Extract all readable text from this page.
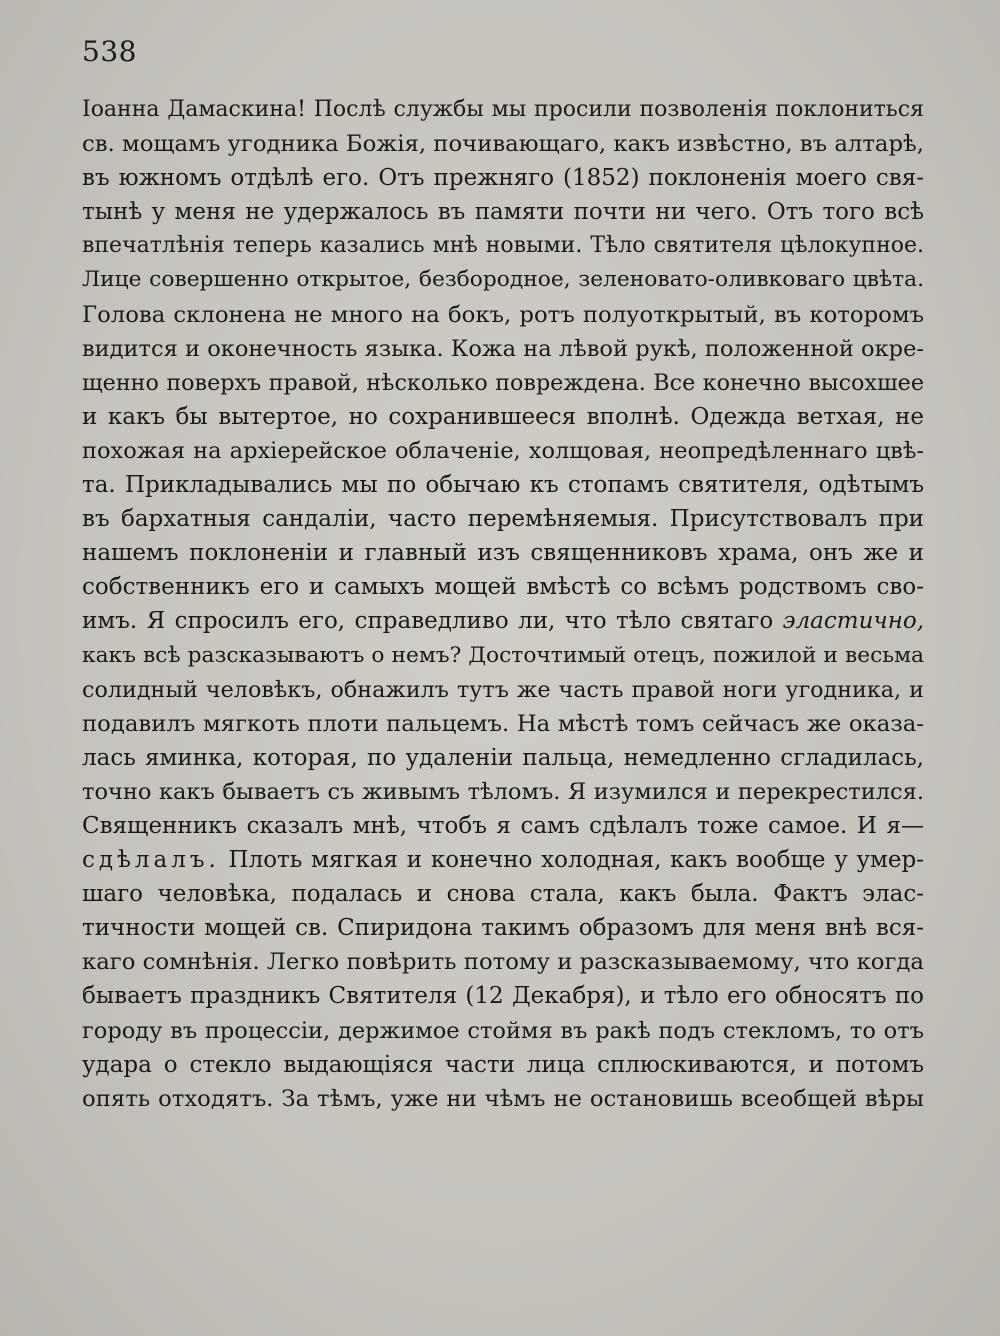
538
Іоанна Дамаскина! Послѣ службы мы просили позволенія поклониться
св. мощамъ угодника Божія, почивающаго, какъ извѣстно, въ алтарѣ,
въ южномъ отдѣлѣ его. Отъ прежняго (1852) поклоненія моего свя-
тынѣ у меня не удержалось въ памяти почти ни чего. Отъ того всѣ
впечатлѣнія теперь казались мнѣ новыми. Тѣло святителя цѣлокупное.
Лице совершенно открытое, безбородное, зеленовато-оливковаго цвѣта.
Голова склонена не много на бокъ, ротъ полуоткрытый, въ которомъ
видится и оконечность языка. Кожа на лѣвой рукѣ, положенной окре-
щенно поверхъ правой, нѣсколько повреждена. Все конечно высохшее
и какъ бы вытертое, но сохранившееся вполнѣ. Одежда ветхая, не
похожая на архіерейское облаченіе, холщовая, неопредѣленнаго цвѣ-
та. Прикладывались мы по обычаю къ стопамъ святителя, одѣтымъ
въ бархатныя сандаліи, часто перемѣняемыя. Присутствовалъ при
нашемъ поклоненіи и главный изъ священниковъ храма, онъ же и
собственникъ его и самыхъ мощей вмѣстѣ со всѣмъ родствомъ сво-
имъ. Я спросилъ его, справедливо ли, что тѣло святаго эластично,
какъ всѣ разсказываютъ о немъ? Досточтимый отецъ, пожилой и весьма
солидный человѣкъ, обнажилъ тутъ же часть правой ноги угодника, и
подавилъ мягкоть плоти пальцемъ. На мѣстѣ томъ сейчасъ же оказа-
лась яминка, которая, по удаленіи пальца, немедленно сгладилась,
точно какъ бываетъ съ живымъ тѣломъ. Я изумился и перекрестился.
Священникъ сказалъ мнѣ, чтобъ я самъ сдѣлалъ тоже самое. И я—
сдѣлалъ. Плоть мягкая и конечно холодная, какъ вообще у умер-
шаго человѣка, подалась и снова стала, какъ была. Фактъ элас-
тичности мощей св. Спиридона такимъ образомъ для меня внѣ вся-
каго сомнѣнія. Легко повѣрить потому и разсказываемому, что когда
бываетъ праздникъ Святителя (12 Декабря), и тѣло его обносятъ по
городу въ процессіи, держимое стоймя въ ракѣ подъ стекломъ, то отъ
удара о стекло выдающіяся части лица сплюскиваются, и потомъ
опять отходятъ. За тѣмъ, уже ни чѣмъ не остановишь всеобщей вѣры
